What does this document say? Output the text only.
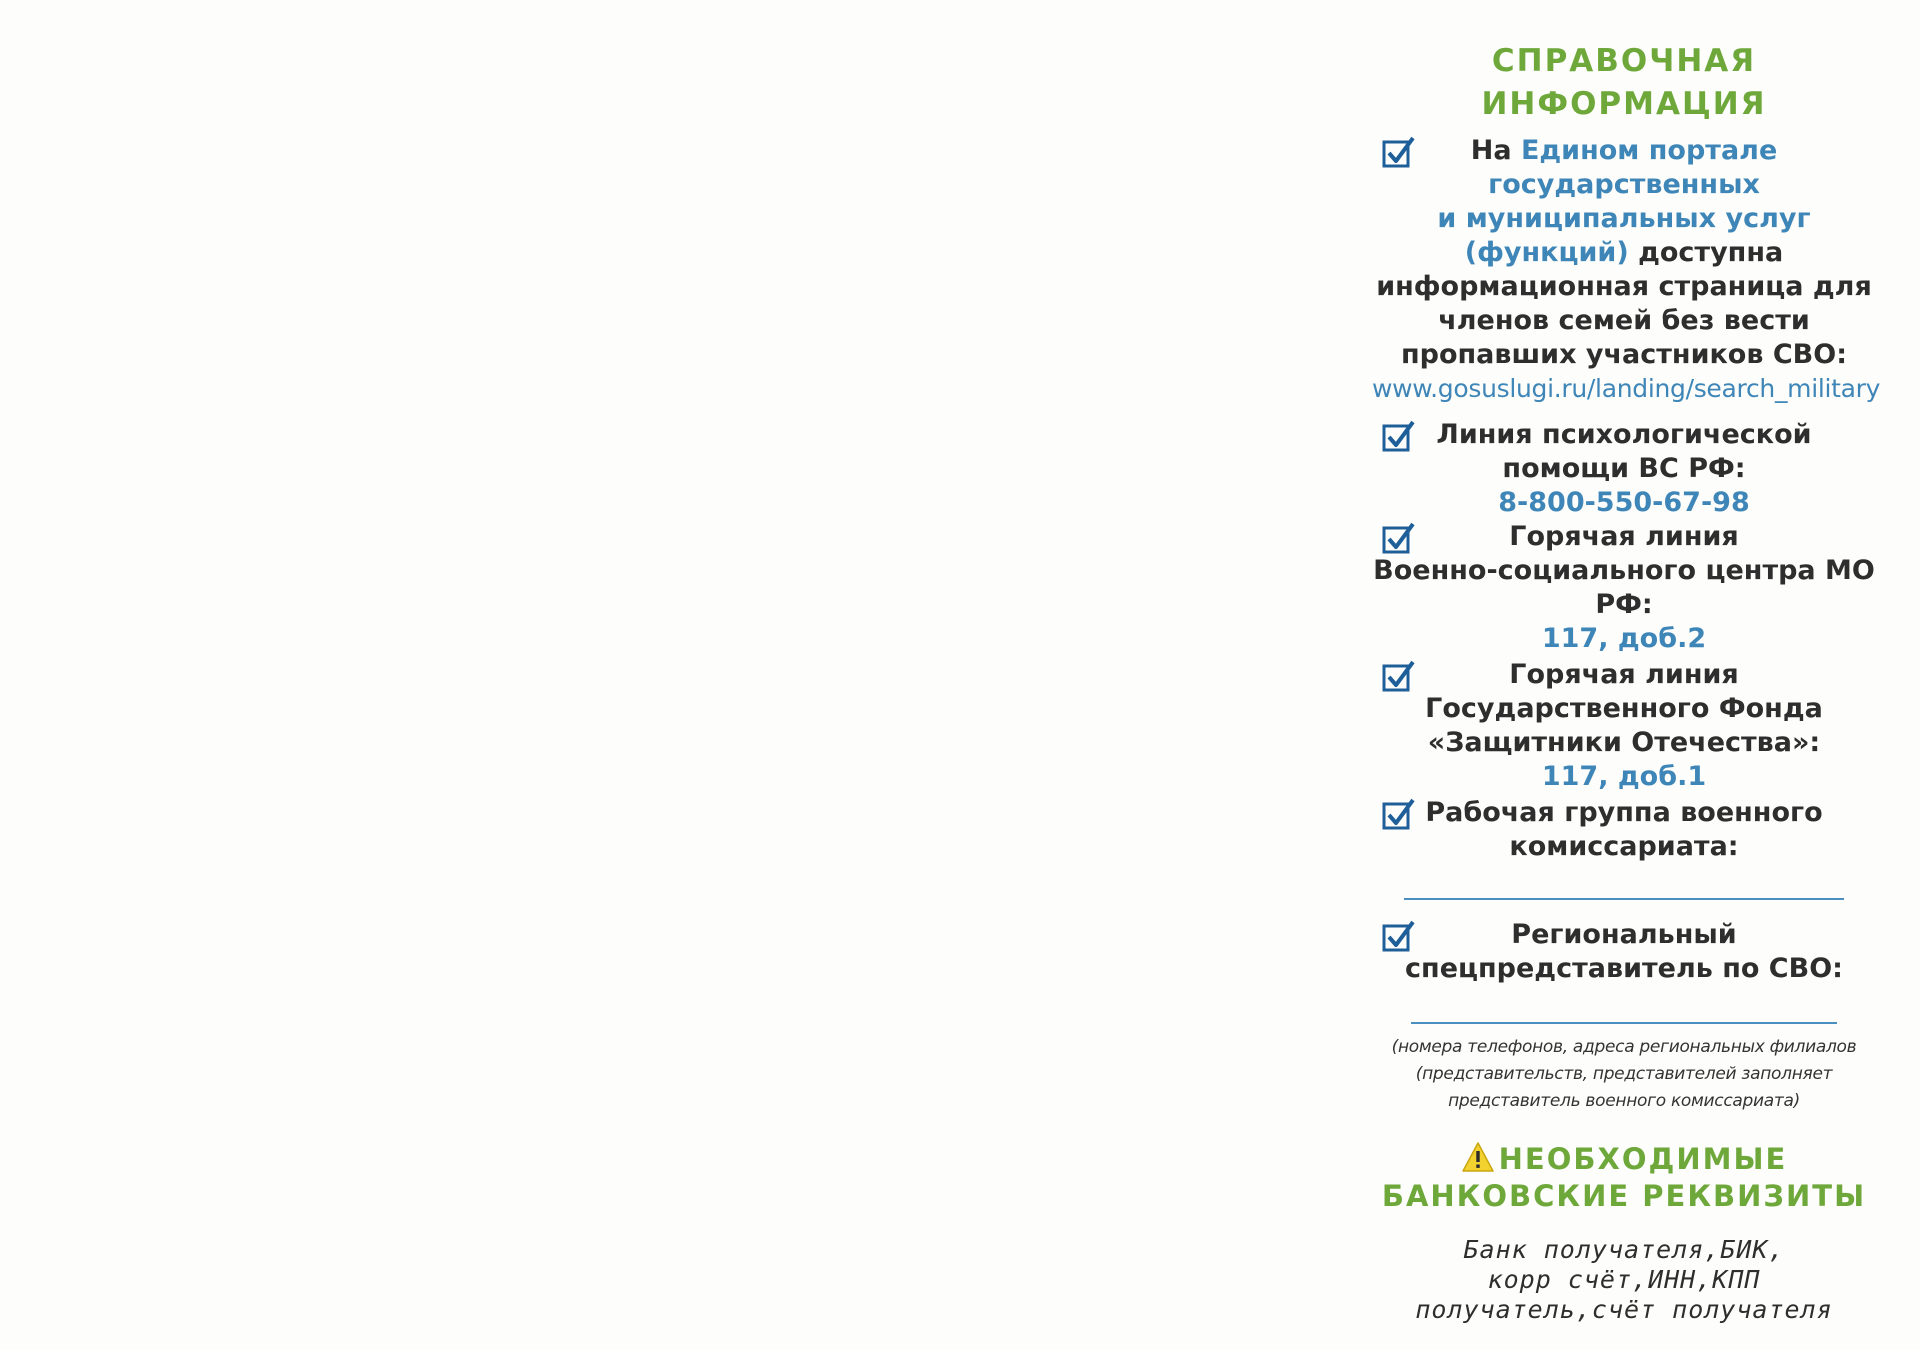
СПРАВОЧНАЯ
ИНФОРМАЦИЯ
На Едином портале
государственных
и муниципальных услуг
(функций) доступна
информационная страница для
членов семей без вести
пропавших участников СВО:
www.gosuslugi.ru/landing/search_military
Линия психологической
помощи ВС РФ:
8-800-550-67-98
Горячая линия
Военно-социального центра МО РФ:
117, доб.2
Горячая линия
Государственного Фонда
«Защитники Отечества»:
117, доб.1
Рабочая группа военного
комиссариата:
Региональный
спецпредставитель по СВО:
(номера телефонов, адреса региональных филиалов
(представительств, представителей заполняет
представитель военного комиссариата)
НЕОБХОДИМЫЕ
БАНКОВСКИЕ РЕКВИЗИТЫ
Банк получателя,БИК,
корр счёт,ИНН,КПП
получатель,счёт получателя
